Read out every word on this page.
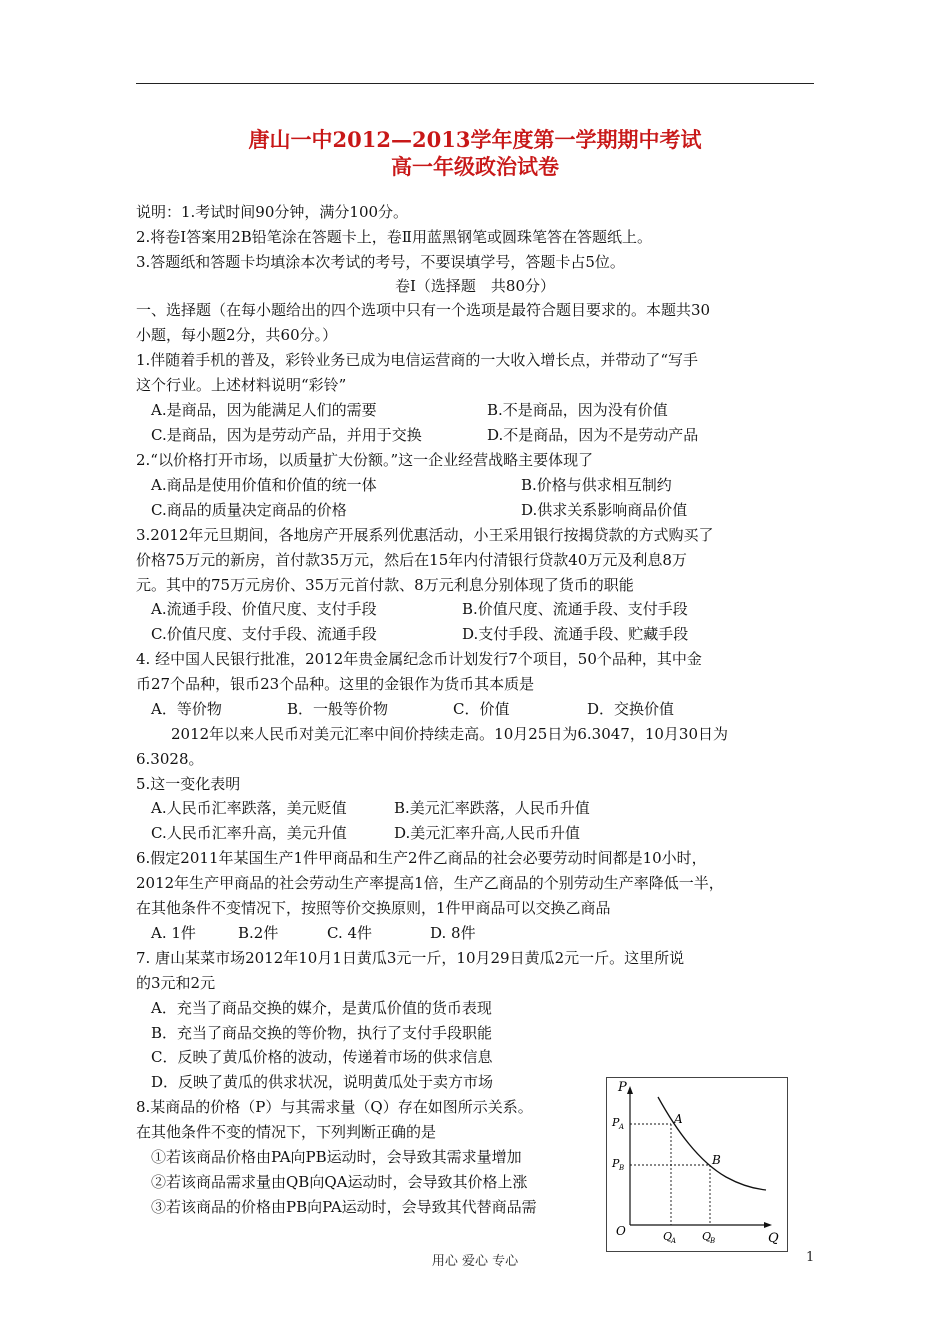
唐山一中2012—2013学年度第一学期期中考试
高一年级政治试卷
说明：1.考试时间90分钟，满分100分。
2.将卷Ⅰ答案用2B铅笔涂在答题卡上，卷Ⅱ用蓝黑钢笔或圆珠笔答在答题纸上。
3.答题纸和答题卡均填涂本次考试的考号，不要误填学号，答题卡占5位。
卷Ⅰ（选择题　共80分）
一、选择题（在每小题给出的四个选项中只有一个选项是最符合题目要求的。本题共30
小题，每小题2分，共60分。）
1.伴随着手机的普及，彩铃业务已成为电信运营商的一大收入增长点，并带动了“写手
这个行业。上述材料说明“彩铃”
A.是商品，因为能满足人们的需要	B.不是商品，因为没有价值
C.是商品，因为是劳动产品，并用于交换	D.不是商品，因为不是劳动产品
2.“以价格打开市场，以质量扩大份额。”这一企业经营战略主要体现了
A.商品是使用价值和价值的统一体	B.价格与供求相互制约
C.商品的质量决定商品的价格	D.供求关系影响商品价值
3.2012年元旦期间，各地房产开展系列优惠活动，小王采用银行按揭贷款的方式购买了
价格75万元的新房，首付款35万元，然后在15年内付清银行贷款40万元及利息8万
元。其中的75万元房价、35万元首付款、8万元利息分别体现了货币的职能
A.流通手段、价值尺度、支付手段	B.价值尺度、流通手段、支付手段
C.价值尺度、支付手段、流通手段	D.支付手段、流通手段、贮藏手段
4. 经中国人民银行批准，2012年贵金属纪念币计划发行7个项目，50个品种，其中金
币27个品种，银币23个品种。这里的金银作为货币其本质是
A．等价物	B．一般等价物	C．价值	D．交换价值
2012年以来人民币对美元汇率中间价持续走高。10月25日为6.3047，10月30日为
6.3028。
5.这一变化表明
A.人民币汇率跌落，美元贬值	B.美元汇率跌落，人民币升值
C.人民币汇率升高，美元升值	D.美元汇率升高,人民币升值
6.假定2011年某国生产1件甲商品和生产2件乙商品的社会必要劳动时间都是10小时，
2012年生产甲商品的社会劳动生产率提高1倍，生产乙商品的个别劳动生产率降低一半，
在其他条件不变情况下，按照等价交换原则，1件甲商品可以交换乙商品
A. 1件	B.2件	C. 4件	D. 8件
7. 唐山某菜市场2012年10月1日黄瓜3元一斤，10月29日黄瓜2元一斤。这里所说
的3元和2元
A．充当了商品交换的媒介，是黄瓜价值的货币表现
B．充当了商品交换的等价物，执行了支付手段职能
C．反映了黄瓜价格的波动，传递着市场的供求信息
D．反映了黄瓜的供求状况，说明黄瓜处于卖方市场
8.某商品的价格（P）与其需求量（Q）存在如图所示关系。
在其他条件不变的情况下，下列判断正确的是
①若该商品价格由PA向PB运动时，会导致其需求量增加
②若该商品需求量由QB向QA运动时，会导致其价格上涨
③若该商品的价格由PB向PA运动时，会导致其代替商品需
P
Q
O
A
B
P A
P B
Q
A Q
B
用心 爱心 专心	1
